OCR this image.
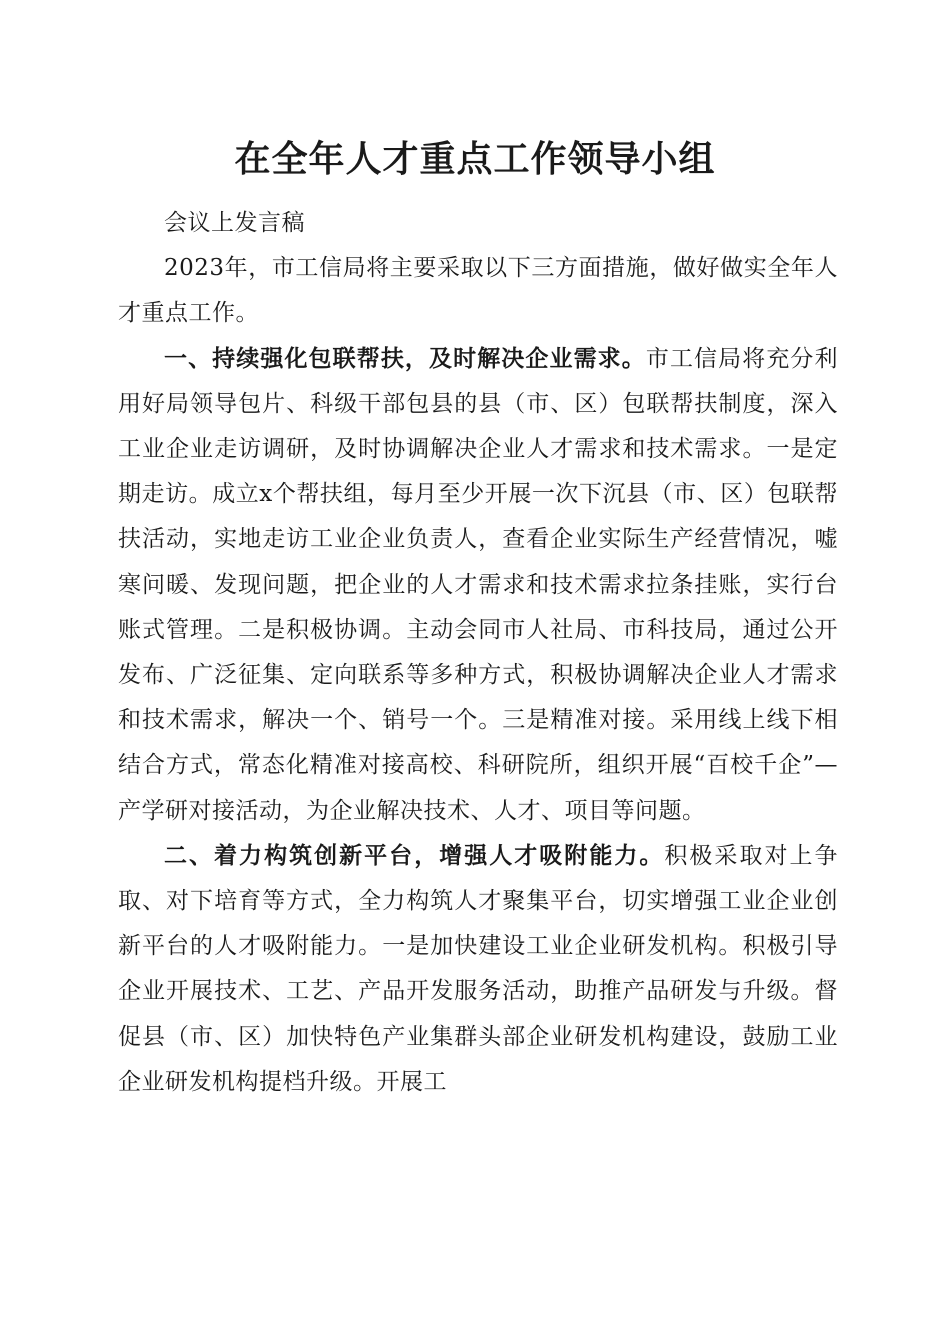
在全年人才重点工作领导小组

会议上发言稿

2023年，市工信局将主要采取以下三方面措施，做好做实全年人才重点工作。

一、持续强化包联帮扶，及时解决企业需求。市工信局将充分利用好局领导包片、科级干部包县的县（市、区）包联帮扶制度，深入工业企业走访调研，及时协调解决企业人才需求和技术需求。一是定期走访。成立x个帮扶组，每月至少开展一次下沉县（市、区）包联帮扶活动，实地走访工业企业负责人，查看企业实际生产经营情况，嘘寒问暖、发现问题，把企业的人才需求和技术需求拉条挂账，实行台账式管理。二是积极协调。主动会同市人社局、市科技局，通过公开发布、广泛征集、定向联系等多种方式，积极协调解决企业人才需求和技术需求，解决一个、销号一个。三是精准对接。采用线上线下相结合方式，常态化精准对接高校、科研院所，组织开展“百校千企”—产学研对接活动，为企业解决技术、人才、项目等问题。

二、着力构筑创新平台，增强人才吸附能力。积极采取对上争取、对下培育等方式，全力构筑人才聚集平台，切实增强工业企业创新平台的人才吸附能力。一是加快建设工业企业研发机构。积极引导企业开展技术、工艺、产品开发服务活动，助推产品研发与升级。督促县（市、区）加快特色产业集群头部企业研发机构建设，鼓励工业企业研发机构提档升级。开展工
